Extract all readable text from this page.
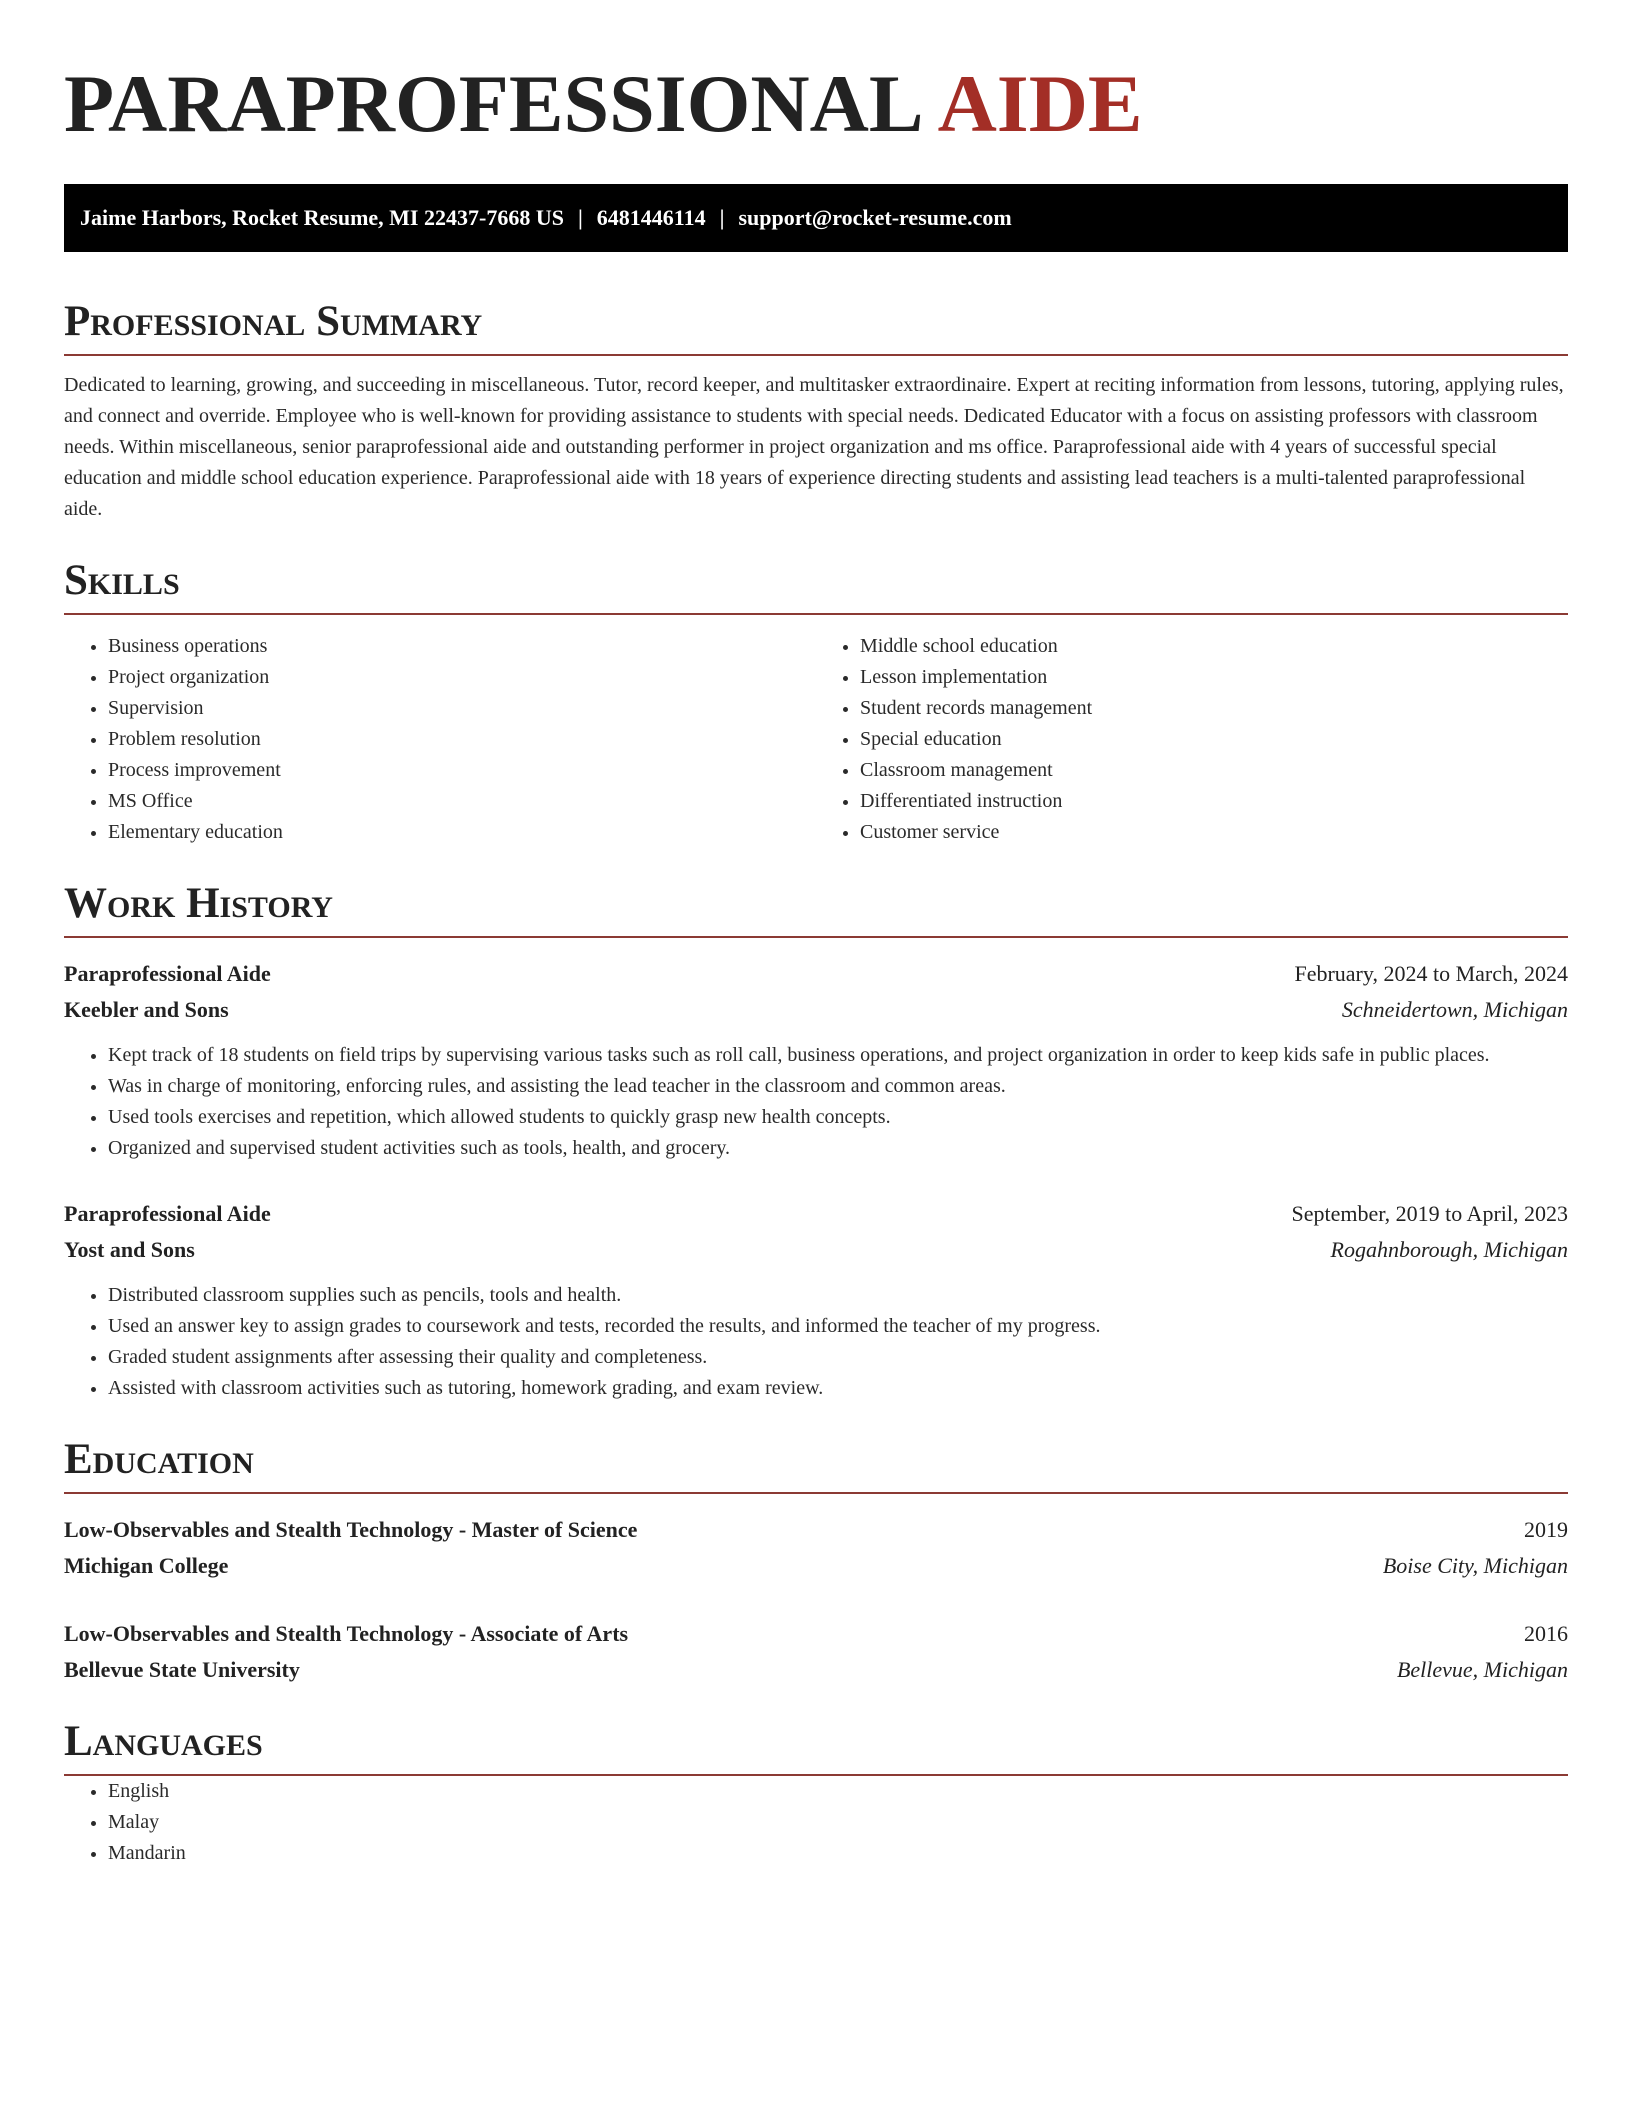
PARAPROFESSIONAL AIDE
Jaime Harbors, Rocket Resume, MI 22437-7668 US | 6481446114 | support@rocket-resume.com
Professional Summary

Dedicated to learning, growing, and succeeding in miscellaneous. Tutor, record keeper, and multitasker extraordinaire. Expert at reciting information from lessons, tutoring, applying rules, and connect and override. Employee who is well-known for providing assistance to students with special needs. Dedicated Educator with a focus on assisting professors with classroom needs. Within miscellaneous, senior paraprofessional aide and outstanding performer in project organization and ms office. Paraprofessional aide with 4 years of successful special education and middle school education experience. Paraprofessional aide with 18 years of experience directing students and assisting lead teachers is a multi-talented paraprofessional aide.

Skills
• Business operations
• Project organization
• Supervision
• Problem resolution
• Process improvement
• MS Office
• Elementary education
• Middle school education
• Lesson implementation
• Student records management
• Special education
• Classroom management
• Differentiated instruction
• Customer service
Work History
Paraprofessional Aide	February, 2024 to March, 2024
Keebler and Sons	Schneidertown, Michigan
• Kept track of 18 students on field trips by supervising various tasks such as roll call, business operations, and project organization in order to keep kids safe in public places.
• Was in charge of monitoring, enforcing rules, and assisting the lead teacher in the classroom and common areas.
• Used tools exercises and repetition, which allowed students to quickly grasp new health concepts.
• Organized and supervised student activities such as tools, health, and grocery.
Paraprofessional Aide	September, 2019 to April, 2023
Yost and Sons	Rogahnborough, Michigan
• Distributed classroom supplies such as pencils, tools and health.
• Used an answer key to assign grades to coursework and tests, recorded the results, and informed the teacher of my progress.
• Graded student assignments after assessing their quality and completeness.
• Assisted with classroom activities such as tutoring, homework grading, and exam review.
Education
Low-Observables and Stealth Technology - Master of Science	2019
Michigan College	Boise City, Michigan
Low-Observables and Stealth Technology - Associate of Arts	2016
Bellevue State University	Bellevue, Michigan
Languages
• English
• Malay
• Mandarin
